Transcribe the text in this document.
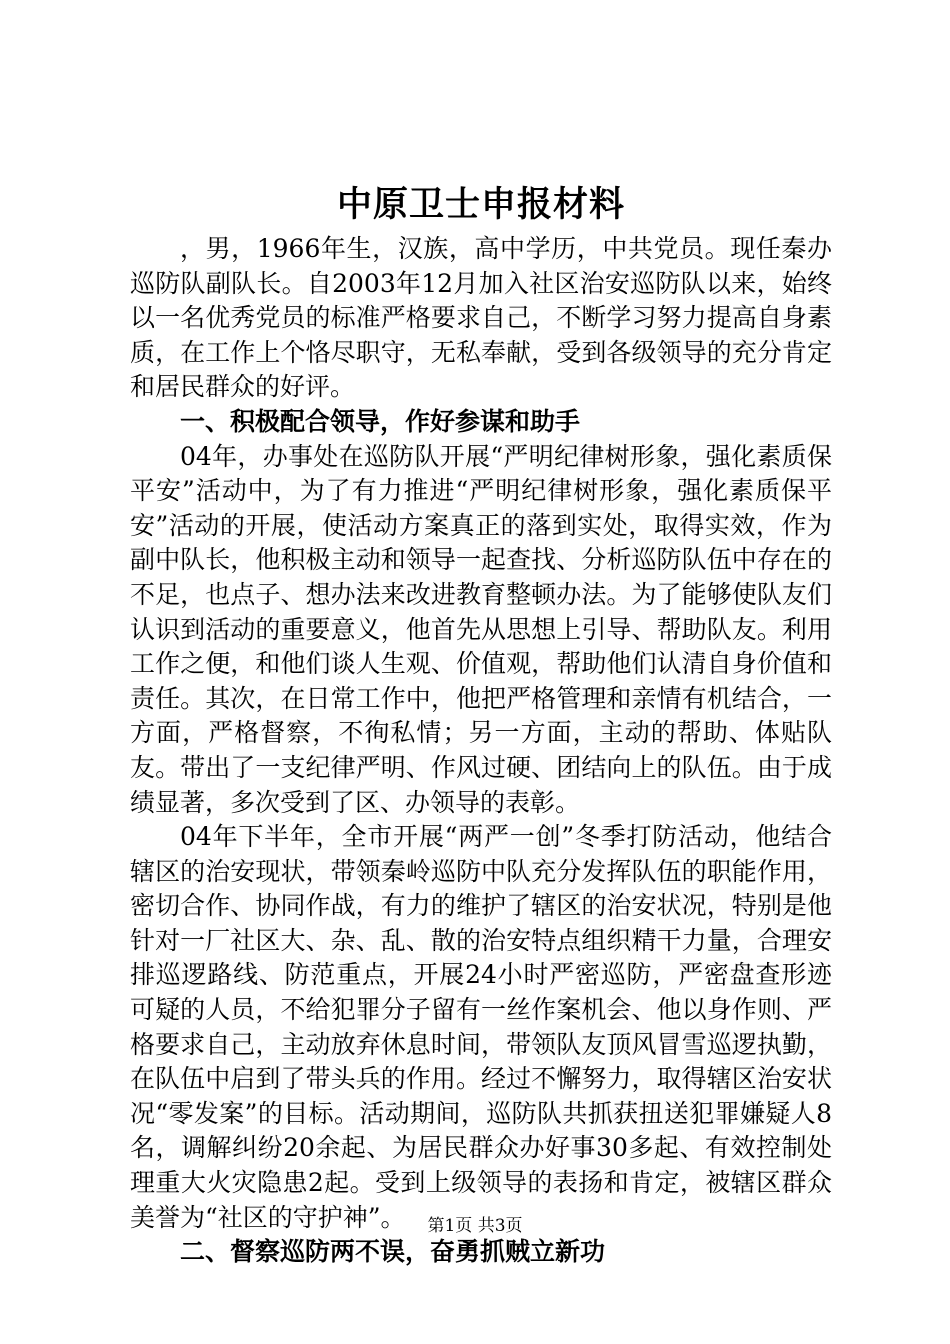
中原卫士申报材料

，男，1966年生，汉族，高中学历，中共党员。现任秦办巡防队副队长。自2003年12月加入社区治安巡防队以来，始终以一名优秀党员的标准严格要求自己，不断学习努力提高自身素质，在工作上个恪尽职守，无私奉献，受到各级领导的充分肯定和居民群众的好评。

一、积极配合领导，作好参谋和助手

04年，办事处在巡防队开展“严明纪律树形象，强化素质保平安”活动中，为了有力推进“严明纪律树形象，强化素质保平安”活动的开展，使活动方案真正的落到实处，取得实效，作为副中队长，他积极主动和领导一起查找、分析巡防队伍中存在的不足，也点子、想办法来改进教育整顿办法。为了能够使队友们认识到活动的重要意义，他首先从思想上引导、帮助队友。利用工作之便，和他们谈人生观、价值观，帮助他们认清自身价值和责任。其次，在日常工作中，他把严格管理和亲情有机结合，一方面，严格督察，不徇私情；另一方面，主动的帮助、体贴队友。带出了一支纪律严明、作风过硬、团结向上的队伍。由于成绩显著，多次受到了区、办领导的表彰。

04年下半年，全市开展“两严一创”冬季打防活动，他结合辖区的治安现状，带领秦岭巡防中队充分发挥队伍的职能作用，密切合作、协同作战，有力的维护了辖区的治安状况，特别是他针对一厂社区大、杂、乱、散的治安特点组织精干力量，合理安排巡逻路线、防范重点，开展24小时严密巡防，严密盘查形迹可疑的人员，不给犯罪分子留有一丝作案机会、他以身作则、严格要求自己，主动放弃休息时间，带领队友顶风冒雪巡逻执勤，在队伍中启到了带头兵的作用。经过不懈努力，取得辖区治安状况“零发案”的目标。活动期间，巡防队共抓获扭送犯罪嫌疑人8名，调解纠纷20余起、为居民群众办好事30多起、有效控制处理重大火灾隐患2起。受到上级领导的表扬和肯定，被辖区群众美誉为“社区的守护神”。

二、督察巡防两不误，奋勇抓贼立新功

第1页 共3页
